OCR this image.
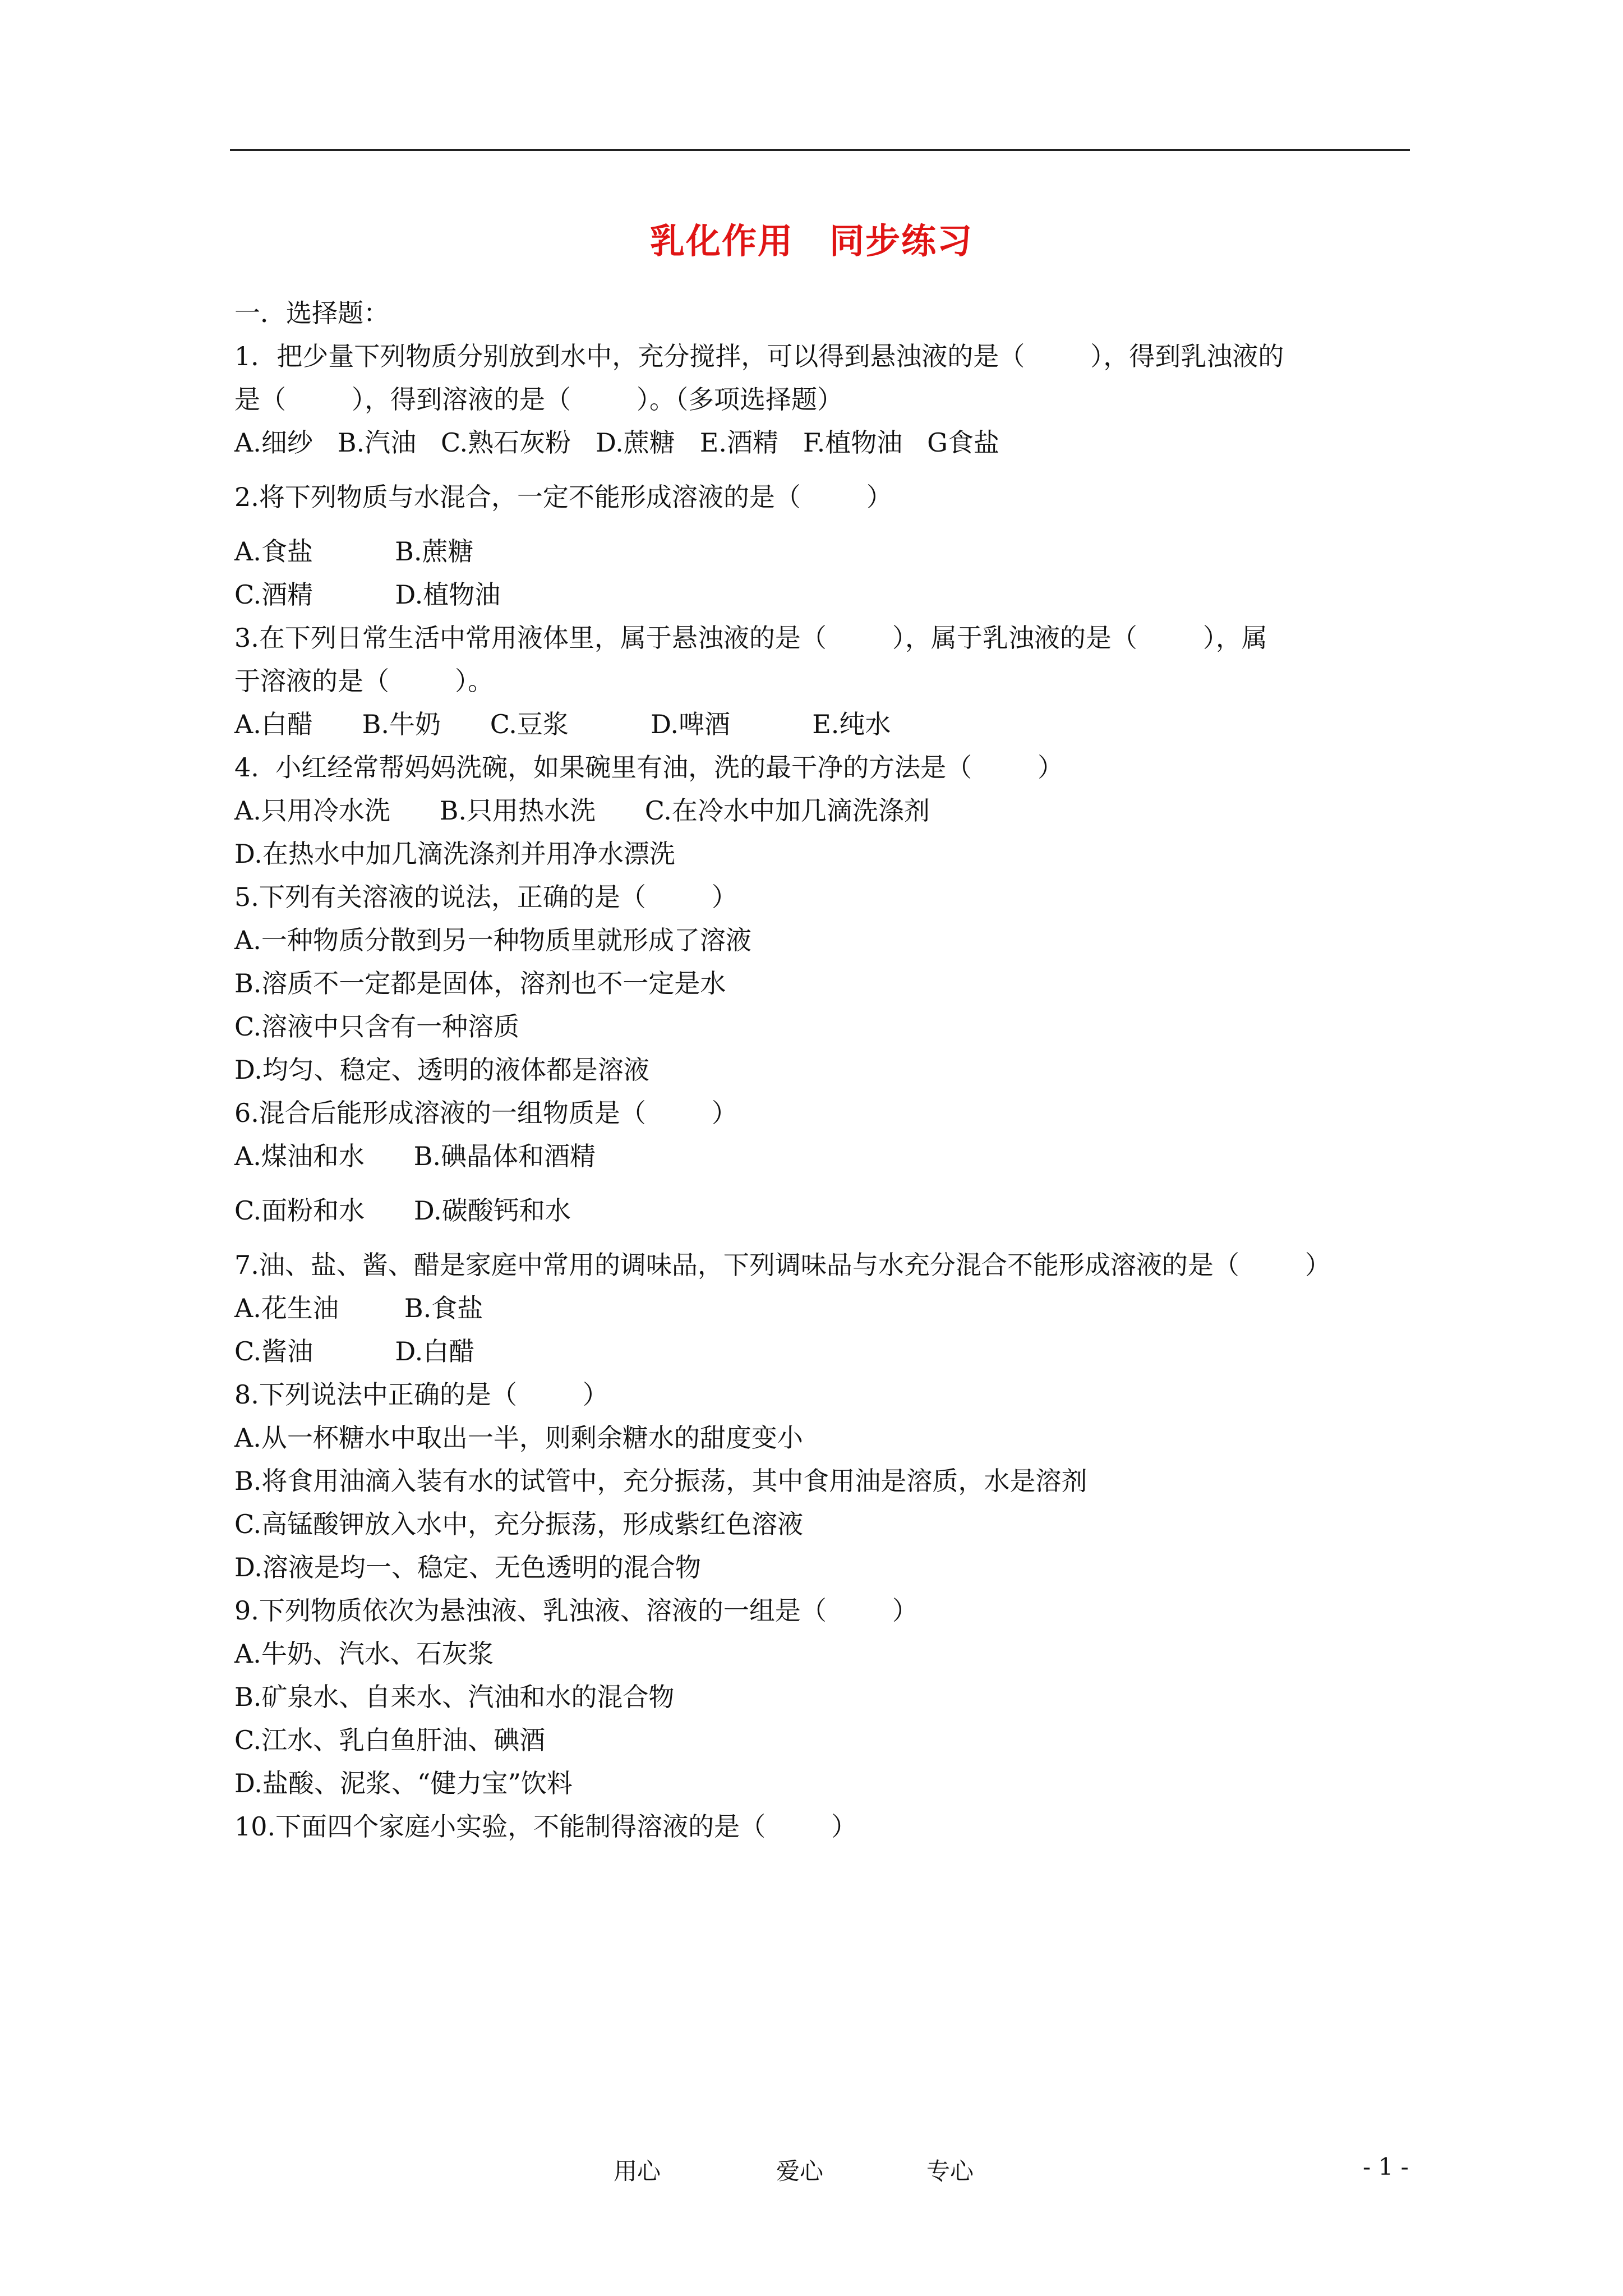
乳化作用　同步练习
一．选择题：
1．把少量下列物质分别放到水中，充分搅拌，可以得到悬浊液的是（        ），得到乳浊液的
是（        ），得到溶液的是（        ）。（多项选择题）
A.细纱   B.汽油   C.熟石灰粉   D.蔗糖   E.酒精   F.植物油   G食盐
2.将下列物质与水混合，一定不能形成溶液的是（        ）
A.食盐          B.蔗糖
C.酒精          D.植物油
3.在下列日常生活中常用液体里，属于悬浊液的是（        ），属于乳浊液的是（        ），属
于溶液的是（        ）。
A.白醋      B.牛奶      C.豆浆          D.啤酒          E.纯水
4.  小红经常帮妈妈洗碗，如果碗里有油，洗的最干净的方法是（        ）
A.只用冷水洗      B.只用热水洗      C.在冷水中加几滴洗涤剂
D.在热水中加几滴洗涤剂并用净水漂洗
5.下列有关溶液的说法，正确的是（        ）
A.一种物质分散到另一种物质里就形成了溶液
B.溶质不一定都是固体，溶剂也不一定是水
C.溶液中只含有一种溶质
D.均匀、稳定、透明的液体都是溶液
6.混合后能形成溶液的一组物质是（        ）
A.煤油和水      B.碘晶体和酒精
C.面粉和水      D.碳酸钙和水
7.油、盐、酱、醋是家庭中常用的调味品，下列调味品与水充分混合不能形成溶液的是（        ）
A.花生油        B.食盐
C.酱油          D.白醋
8.下列说法中正确的是（        ）
A.从一杯糖水中取出一半，则剩余糖水的甜度变小
B.将食用油滴入装有水的试管中，充分振荡，其中食用油是溶质，水是溶剂
C.高锰酸钾放入水中，充分振荡，形成紫红色溶液
D.溶液是均一、稳定、无色透明的混合物
9.下列物质依次为悬浊液、乳浊液、溶液的一组是（        ）
A.牛奶、汽水、石灰浆
B.矿泉水、自来水、汽油和水的混合物
C.江水、乳白鱼肝油、碘酒
D.盐酸、泥浆、“健力宝”饮料
10.下面四个家庭小实验，不能制得溶液的是（        ）
用心	爱心	专心	- 1 -
